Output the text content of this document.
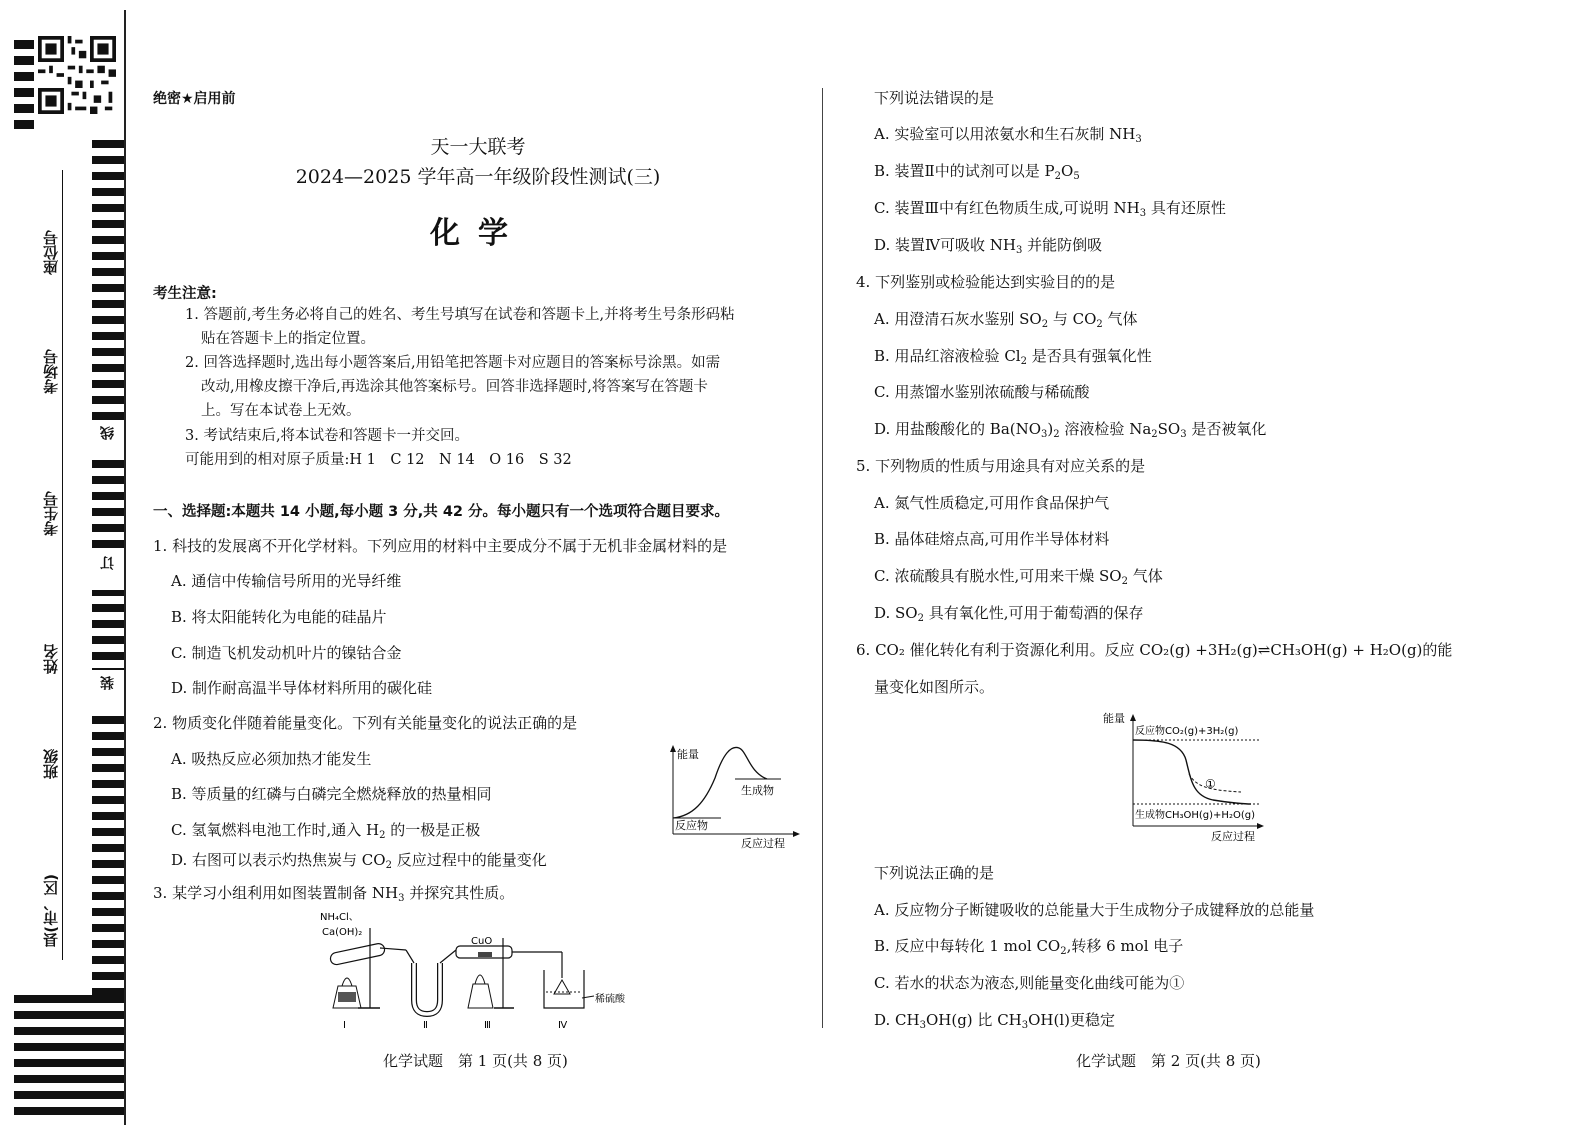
线
订
装
座位号
考场号
考生号
姓名
班级
县(市、区)
绝密★启用前
天一大联考
2024—2025 学年高一年级阶段性测试(三)
化学
考生注意:
1. 答题前,考生务必将自己的姓名、考生号填写在试卷和答题卡上,并将考生号条形码粘
贴在答题卡上的指定位置。
2. 回答选择题时,选出每小题答案后,用铅笔把答题卡对应题目的答案标号涂黑。如需
改动,用橡皮擦干净后,再选涂其他答案标号。回答非选择题时,将答案写在答题卡
上。写在本试卷上无效。
3. 考试结束后,将本试卷和答题卡一并交回。
可能用到的相对原子质量:H 1　C 12　N 14　O 16　S 32
一、选择题:本题共 14 小题,每小题 3 分,共 42 分。每小题只有一个选项符合题目要求。
1. 科技的发展离不开化学材料。下列应用的材料中主要成分不属于无机非金属材料的是
A. 通信中传输信号所用的光导纤维
B. 将太阳能转化为电能的硅晶片
C. 制造飞机发动机叶片的镍钴合金
D. 制作耐高温半导体材料所用的碳化硅
2. 物质变化伴随着能量变化。下列有关能量变化的说法正确的是
A. 吸热反应必须加热才能发生
B. 等质量的红磷与白磷完全燃烧释放的热量相同
C. 氢氧燃料电池工作时,通入 $H_2$ 的一极是正极
D. 右图可以表示灼热焦炭与 $CO_2$ 反应过程中的能量变化
能量
生成物
反应物
反应过程
3. 某学习小组利用如图装置制备 $NH_3$ 并探究其性质。
NH₄Cl、
Ca(OH)₂
CuO
稀硫酸
Ⅰ	Ⅱ	Ⅲ	Ⅳ
化学试题　第 1 页(共 8 页)
下列说法错误的是
A. 实验室可以用浓氨水和生石灰制 $NH_3$
B. 装置Ⅱ中的试剂可以是 $P_2O_5$
C. 装置Ⅲ中有红色物质生成,可说明 $NH_3$ 具有还原性
D. 装置Ⅳ可吸收 $NH_3$ 并能防倒吸
4. 下列鉴别或检验能达到实验目的的是
A. 用澄清石灰水鉴别 $SO_2$ 与 $CO_2$ 气体
B. 用品红溶液检验 $Cl_2$ 是否具有强氧化性
C. 用蒸馏水鉴别浓硫酸与稀硫酸
D. 用盐酸酸化的 $Ba(NO_3)_2$ 溶液检验 $Na_2SO_3$ 是否被氧化
5. 下列物质的性质与用途具有对应关系的是
A. 氮气性质稳定,可用作食品保护气
B. 晶体硅熔点高,可用作半导体材料
C. 浓硫酸具有脱水性,可用来干燥 $SO_2$ 气体
D. $SO_2$ 具有氧化性,可用于葡萄酒的保存
6. CO₂ 催化转化有利于资源化利用。反应 CO₂(g) +3H₂(g)⇌CH₃OH(g) + H₂O(g)的能
量变化如图所示。
能量
反应物CO₂(g)+3H₂(g)
①
生成物CH₃OH(g)+H₂O(g)
反应过程
下列说法正确的是
A. 反应物分子断键吸收的总能量大于生成物分子成键释放的总能量
B. 反应中每转化 1 mol $CO_2$,转移 6 mol 电子
C. 若水的状态为液态,则能量变化曲线可能为①
D. $CH_3OH(g)$ 比 $CH_3OH(l)$更稳定
化学试题　第 2 页(共 8 页)
